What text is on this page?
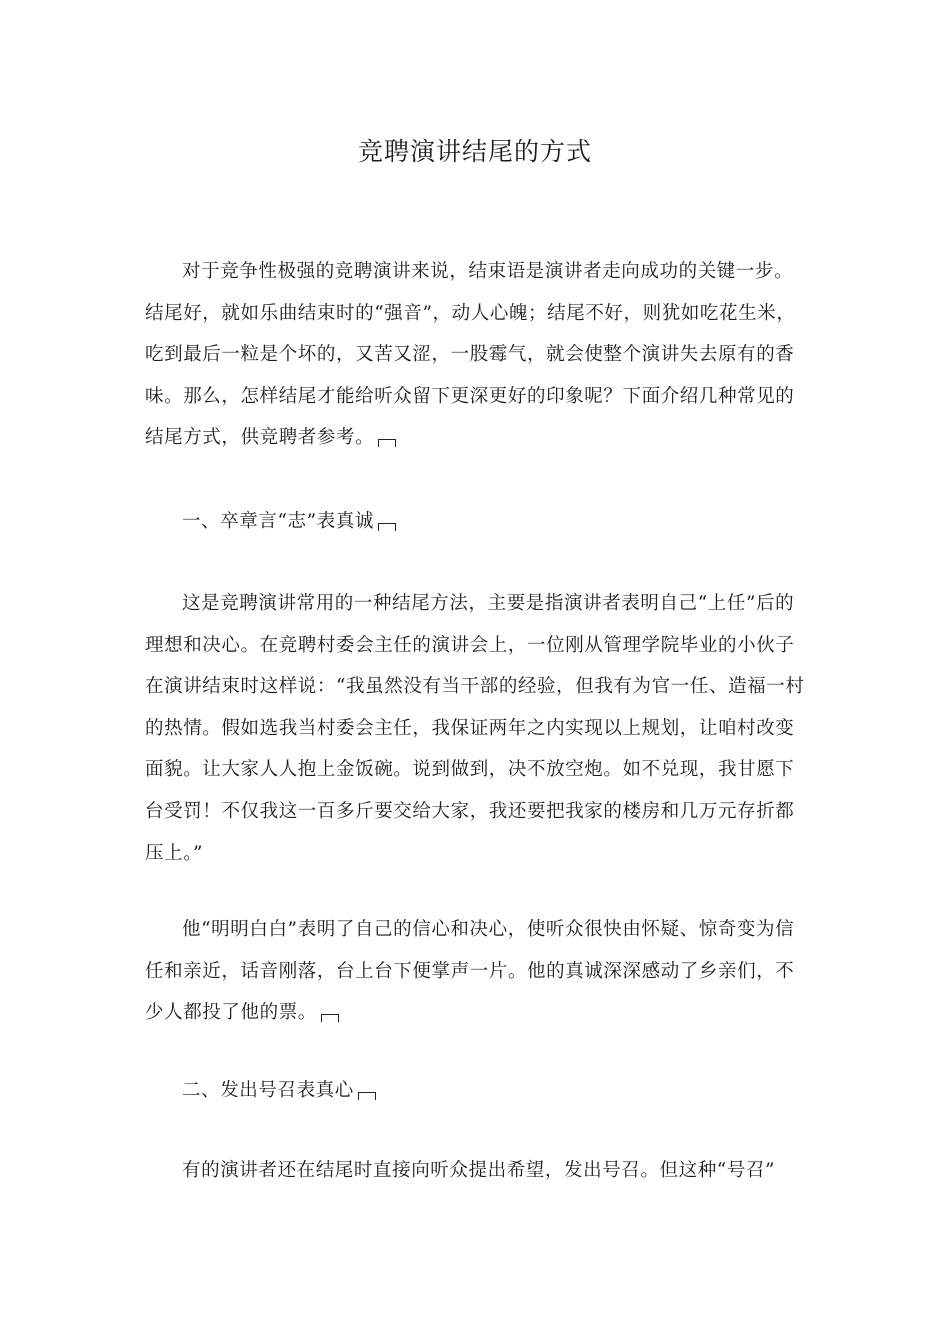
竞聘演讲结尾的方式

对于竞争性极强的竞聘演讲来说，结束语是演讲者走向成功的关键一步。结尾好，就如乐曲结束时的“强音”，动人心魄；结尾不好，则犹如吃花生米，吃到最后一粒是个坏的，又苦又涩，一股霉气，就会使整个演讲失去原有的香味。那么，怎样结尾才能给听众留下更深更好的印象呢？下面介绍几种常见的结尾方式，供竞聘者参考。

一、卒章言“志”表真诚

这是竞聘演讲常用的一种结尾方法，主要是指演讲者表明自己“上任”后的理想和决心。在竞聘村委会主任的演讲会上，一位刚从管理学院毕业的小伙子在演讲结束时这样说：“我虽然没有当干部的经验，但我有为官一任、造福一村的热情。假如选我当村委会主任，我保证两年之内实现以上规划，让咱村改变面貌。让大家人人抱上金饭碗。说到做到，决不放空炮。如不兑现，我甘愿下台受罚！不仅我这一百多斤要交给大家，我还要把我家的楼房和几万元存折都压上。”

他“明明白白”表明了自己的信心和决心，使听众很快由怀疑、惊奇变为信任和亲近，话音刚落，台上台下便掌声一片。他的真诚深深感动了乡亲们，不少人都投了他的票。

二、发出号召表真心

有的演讲者还在结尾时直接向听众提出希望，发出号召。但这种“号召”
